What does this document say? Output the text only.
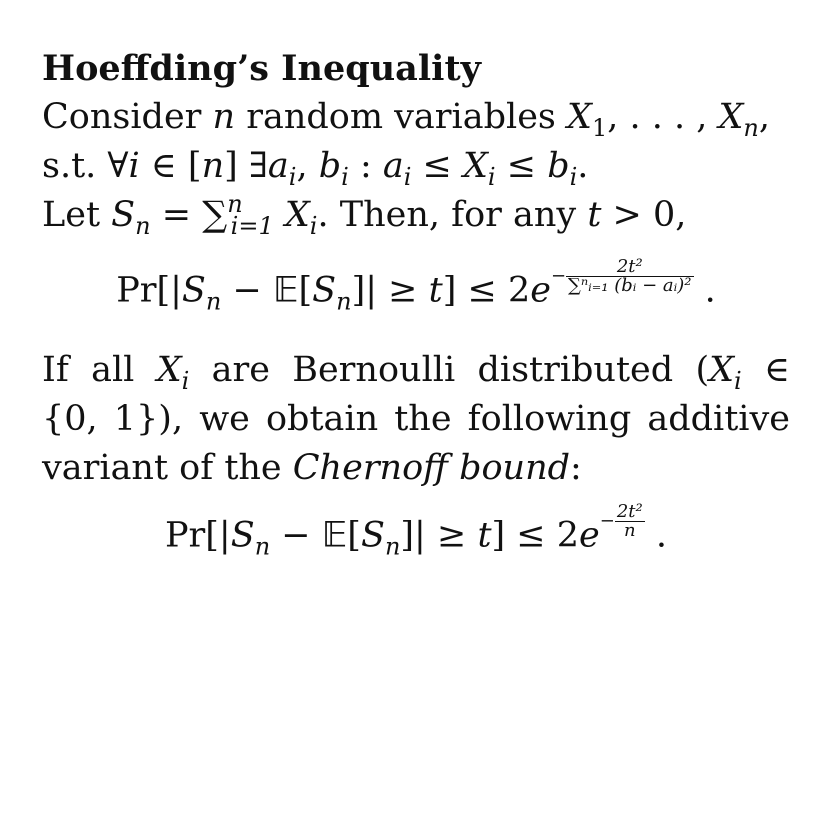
Hoeffding’s Inequality
Consider n random variables $X_1$, . . . , $X_n$,
s.t. ∀i ∈ [n] $\exists a_i$, $b_i$ : $a_i \le X_i \le b_i$.
Let $S_n = \sum^n_{i=1}$ $X_i$. Then, for any t > 0,
$Pr[|S_n$ − $𝔼[S_n]| \ge t] \le 2e- \frac{\text{2t²}}{\text{∑ⁿᵢ₌₁ (bᵢ − aᵢ)²}}$ .
If all $X_i$ are Bernoulli distributed ($X_i$ ∈
{0, 1}), we obtain the following additive
variant of the Chernoff bound:
$Pr[|S_n$ − $𝔼[S_n]| \ge t] \le 2e- \frac{\text{2t²}}{n}$ .
